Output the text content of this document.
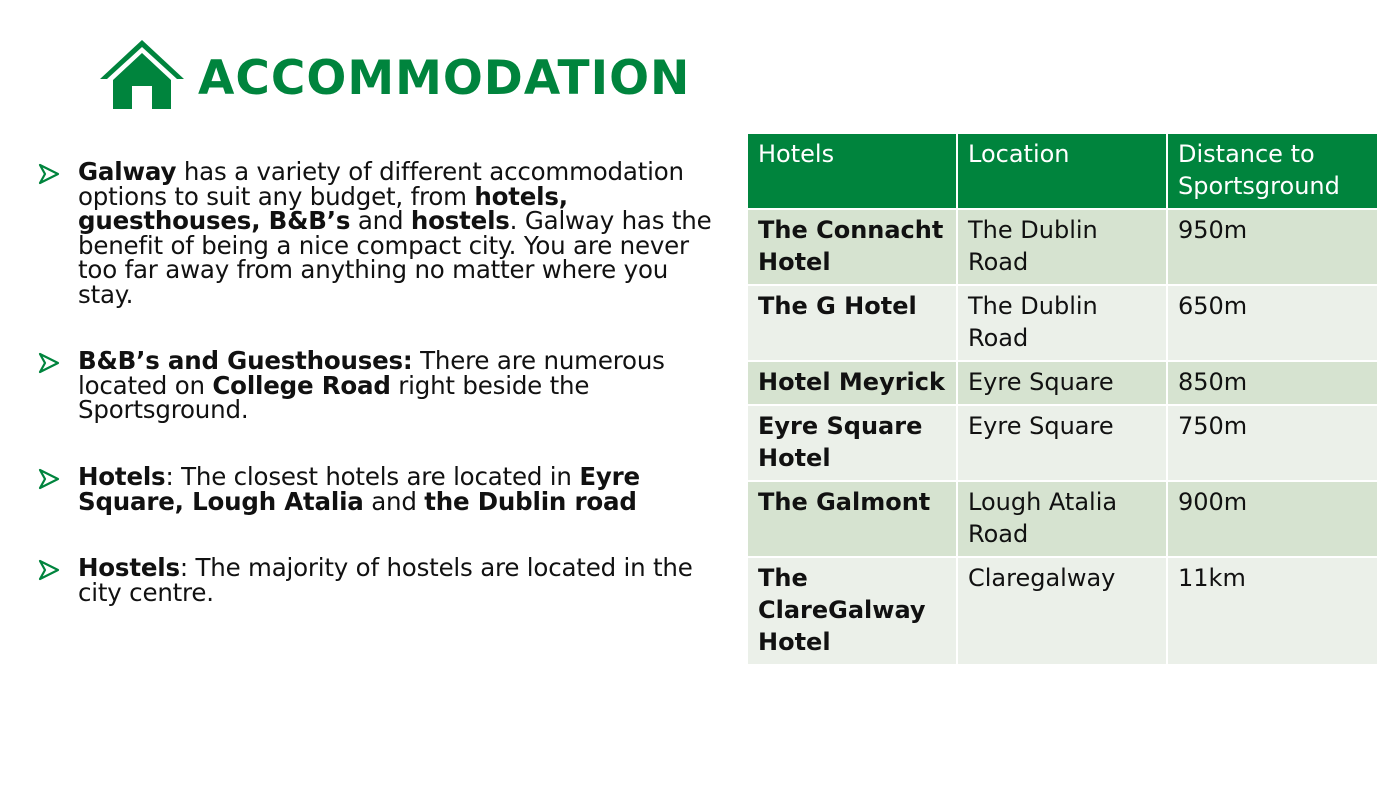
ACCOMMODATION
Galway has a variety of different accommodation options to suit any budget, from hotels, guesthouses, B&B’s and hostels. Galway has the benefit of being a nice compact city. You are never too far away from anything no matter where you stay.
B&B’s and Guesthouses: There are numerous located on College Road right beside the Sportsground.
Hotels: The closest hotels are located in Eyre Square, Lough Atalia and the Dublin road
Hostels: The majority of hostels are located in the city centre.
Hotels	Location	Distance to Sportsground
The Connacht Hotel	The Dublin Road	950m
The G Hotel	The Dublin Road	650m
Hotel Meyrick	Eyre Square	850m
Eyre Square Hotel	Eyre Square	750m
The Galmont	Lough Atalia Road	900m
The ClareGalway Hotel	Claregalway	11km
